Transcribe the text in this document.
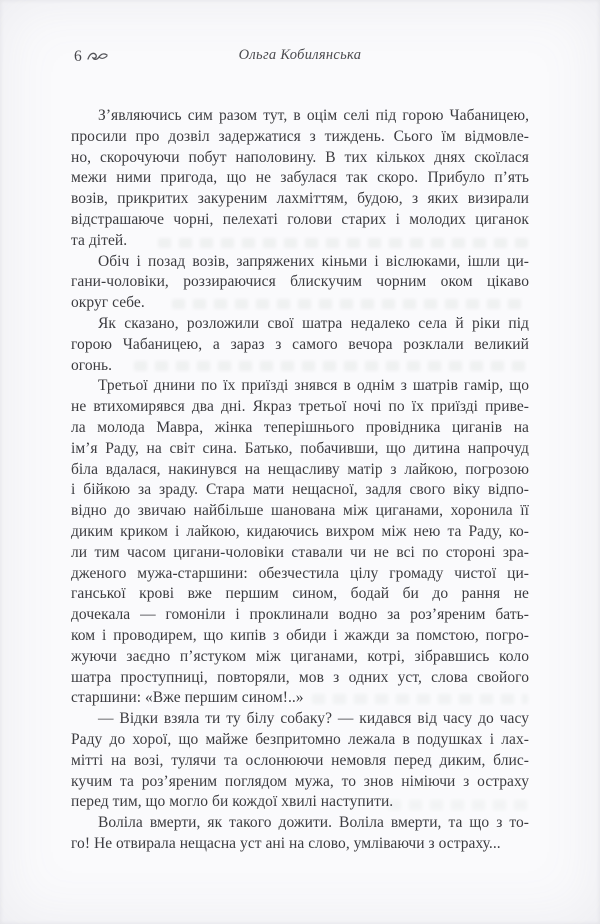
6	Ольга Кобилянська
З’являючись сим разом тут, в оцім селі під горою Чабаницею,
просили про дозвіл задержатися з тиждень. Сього їм відмовле-
но, скорочуючи побут наполовину. В тих кількох днях скоїлася
межи ними пригода, що не забулася так скоро. Прибуло п’ять
возів, прикритих закуреним лахміттям, будою, з яких визирали
відстрашаюче чорні, пелехаті голови старих і молодих циганок
та дітей.
Обіч і позад возів, запряжених кіньми і віслюками, ішли ци-
гани-чоловіки, роззираючися блискучим чорним оком цікаво
округ себе.
Як сказано, розложили свої шатра недалеко села й ріки під
горою Чабаницею, а зараз з самого вечора розклали великий
огонь.
Третьої днини по їх приїзді знявся в однім з шатрів гамір, що
не втихомирявся два дні. Якраз третьої ночі по їх приїзді приве-
ла молода Мавра, жінка теперішнього провідника циганів на
ім’я Раду, на світ сина. Батько, побачивши, що дитина напрочуд
біла вдалася, накинувся на нещасливу матір з лайкою, погрозою
і бійкою за зраду. Стара мати нещасної, задля свого віку відпо-
відно до звичаю найбільше шанована між циганами, хоронила її
диким криком і лайкою, кидаючись вихром між нею та Раду, ко-
ли тим часом цигани-чоловіки ставали чи не всі по стороні зра-
дженого мужа-старшини: обезчестила цілу громаду чистої ци-
ганської крові вже першим сином, бодай би до рання не
дочекала — гомоніли і проклинали водно за роз’яреним бать-
ком і проводирем, що кипів з обиди і жажди за помстою, погро-
жуючи заєдно п’ястуком між циганами, котрі, зібравшись коло
шатра проступниці, повторяли, мов з одних уст, слова свойого
старшини: «Вже першим сином!..»
— Відки взяла ти ту білу собаку? — кидався від часу до часу
Раду до хорої, що майже безпритомно лежала в подушках і лах-
мітті на возі, тулячи та ослонюючи немовля перед диким, блис-
кучим та роз’яреним поглядом мужа, то знов німіючи з остраху
перед тим, що могло би кождої хвилі наступити.
Воліла вмерти, як такого дожити. Воліла вмерти, та що з то-
го! Не отвирала нещасна уст ані на слово, умліваючи з остраху...
